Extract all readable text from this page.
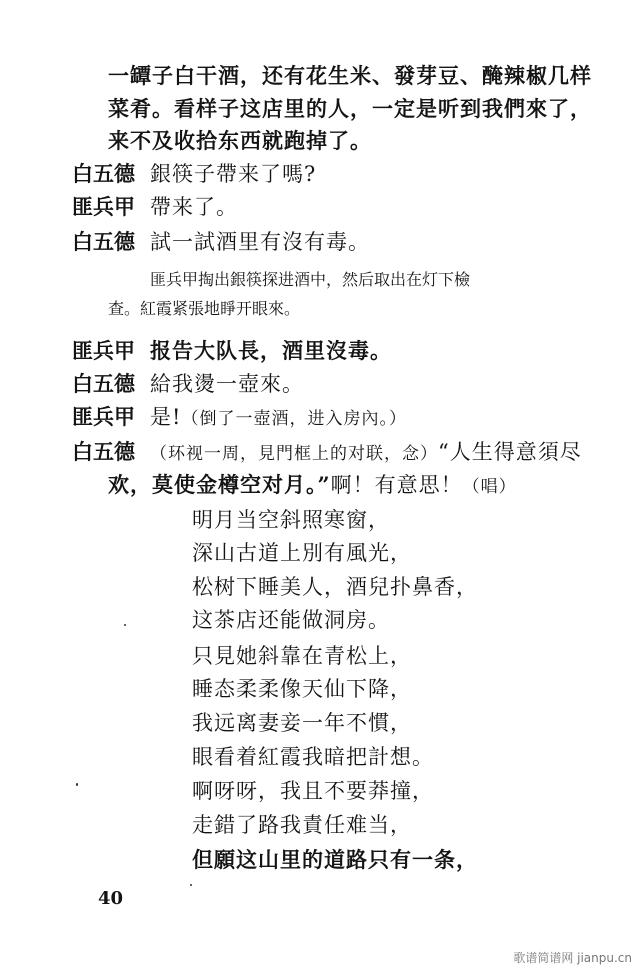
一罈子白干酒，还有花生米、發芽豆、醃辣椒几样
菜肴。看样子这店里的人，一定是听到我們來了，
来不及收拾东西就跑掉了。
白五德 銀筷子帶来了嗎?
匪兵甲 帶来了。
白五德 試一試酒里有沒有毒。
匪兵甲掏出銀筷探进酒中，然后取出在灯下檢
查。紅霞紧張地睜开眼來。
匪兵甲 报告大队長，酒里沒毒。
白五德 給我燙一壺來。
匪兵甲 是!（倒了一壺酒，进入房內。）
白五德 （环视一周，見門框上的对联，念）“人生得意須尽
欢，莫使金樽空对月。”啊！有意思！（唱）
明月当空斜照寒窗，
深山古道上別有風光，
松树下睡美人，酒兒扑鼻香，
这茶店还能做洞房。
只見她斜靠在青松上，
睡态柔柔像天仙下降，
我远离妻妾一年不慣，
眼看着紅霞我暗把計想。
啊呀呀，我且不要莽撞，
走錯了路我責任难当，
但願这山里的道路只有一条，
40
歌谱简谱网 jianpu.cn
